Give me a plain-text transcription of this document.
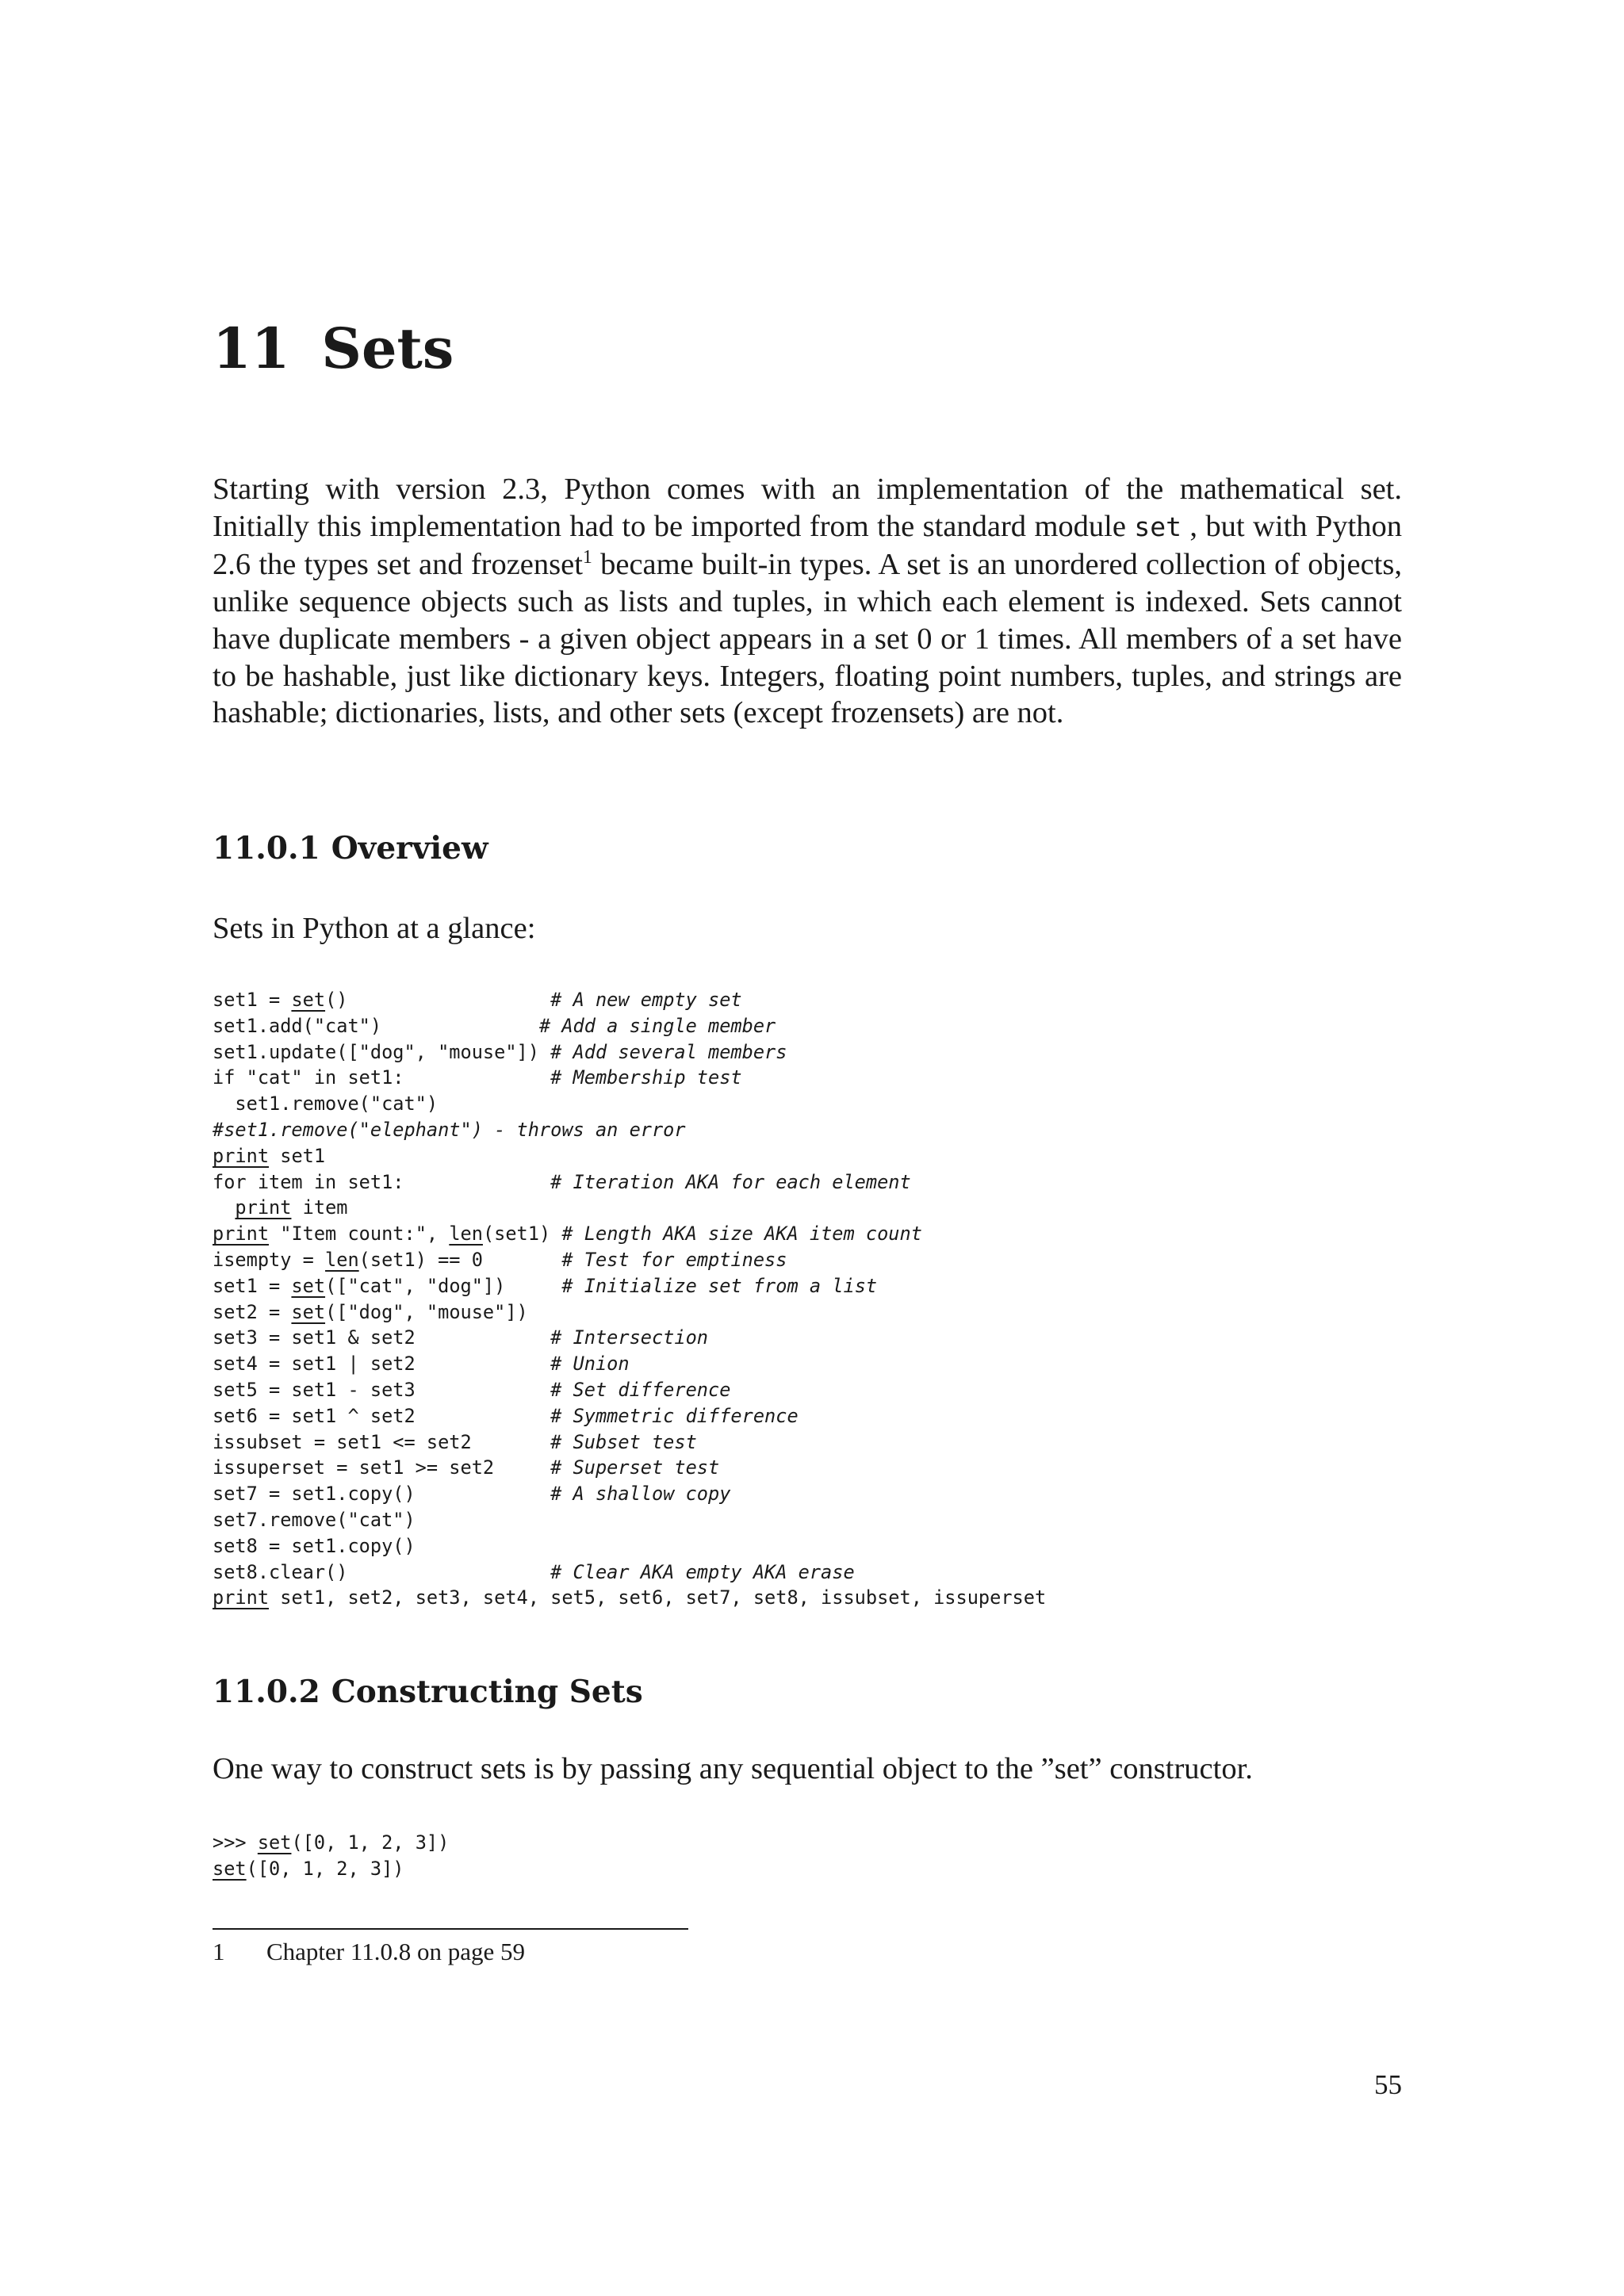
11 Sets

Starting with version 2.3, Python comes with an implementation of the mathematical set. Initially this implementation had to be imported from the standard module set , but with Python 2.6 the types set and frozenset$^1$ became built-in types. A set is an unordered collection of objects, unlike sequence objects such as lists and tuples, in which each element is indexed. Sets cannot have duplicate members - a given object appears in a set 0 or 1 times. All members of a set have to be hashable, just like dictionary keys. Integers, floating point numbers, tuples, and strings are hashable; dictionaries, lists, and other sets (except frozensets) are not.

11.0.1 Overview

Sets in Python at a glance:

set1 = set()                  # A new empty set
set1.add("cat")              # Add a single member
set1.update(["dog", "mouse"]) # Add several members
if "cat" in set1:             # Membership test
set1.remove("cat")
#set1.remove("elephant") - throws an error
print set1
for item in set1:             # Iteration AKA for each element
print item
print "Item count:", len(set1) # Length AKA size AKA item count
isempty = len(set1) == 0       # Test for emptiness
set1 = set(["cat", "dog"])     # Initialize set from a list
set2 = set(["dog", "mouse"])
set3 = set1 & set2            # Intersection
set4 = set1 | set2            # Union
set5 = set1 - set3            # Set difference
set6 = set1 ^ set2            # Symmetric difference
issubset = set1 <= set2       # Subset test
issuperset = set1 >= set2     # Superset test
set7 = set1.copy()            # A shallow copy
set7.remove("cat")
set8 = set1.copy()
set8.clear()                  # Clear AKA empty AKA erase
print set1, set2, set3, set4, set5, set6, set7, set8, issubset, issuperset
11.0.2 Constructing Sets

One way to construct sets is by passing any sequential object to the ”set” constructor.

>>> set([0, 1, 2, 3])
set([0, 1, 2, 3])

1 Chapter 11.0.8 on page 59

55
